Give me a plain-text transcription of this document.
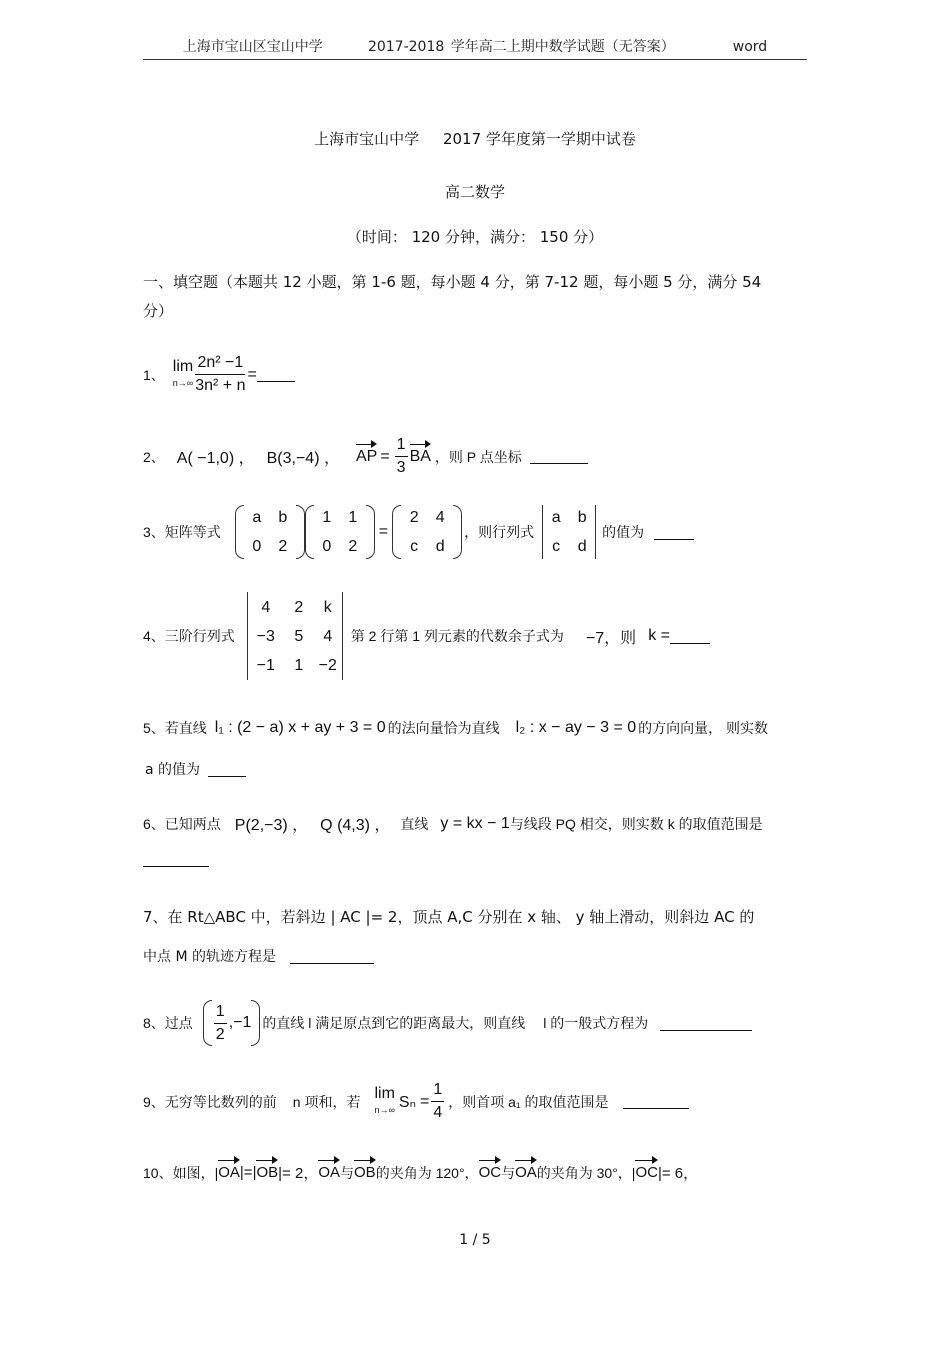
上海市宝山区宝山中学	2017-2018 学年高二上期中数学试题（无答案）	word
上海市宝山中学 2017 学年度第一学期中试卷
高二数学
（时间： 120 分钟，满分： 150 分）
一、填空题（本题共 12 小题，第 1-6 题，每小题 4 分，第 7-12 题，每小题 5 分，满分 54
分）
1、 lim
$n\to\infty \frac{\text{2n² −1}}{\text{3n² + n}}$ =
2、 A( −1,0) ， B(3,−4) ， AP = $\frac{1}{3}$ BA ，则 P 点坐标
3、矩阵等式
a	b
0	2
1	1
0	2
=
2	4
c	d
，则行列式
a	b
c	d
的值为
4、三阶行列式
4	2	k
−3	5	4
−1	1 −2
第 2 行第 1 列元素的代数余子式为 −7，则 k =
5、若直线 l₁ : (2 − a) x + ay + 3 = 0 的法向量恰为直线 l₂ : x − ay − 3 = 0 的方向向量， 则实数
a 的值为
6、已知两点 P(2,−3) ， Q (4,3) ， 直线 y = kx − 1 与线段 PQ 相交，则实数 k 的取值范围是
7、在 Rt△ABC 中，若斜边 | AC |= 2，顶点 A,C 分别在 x 轴、 y 轴上滑动，则斜边 AC 的
中点 M 的轨迹方程是
8、过点 $\frac{1}{2} ,-1$ 的直线 l 满足原点到它的距离最大，则直线 l 的一般式方程为
9、无穷等比数列的前 n 项和，若 lim
n→∞ $S_n = \frac{1}{4}$ ，则首项 a₁ 的取值范围是
10、如图，| OA |=| OB |= 2， OA 与 OB 的夹角为 120°， OC 与 OA 的夹角为 30°，| OC |= 6，
1 / 5
